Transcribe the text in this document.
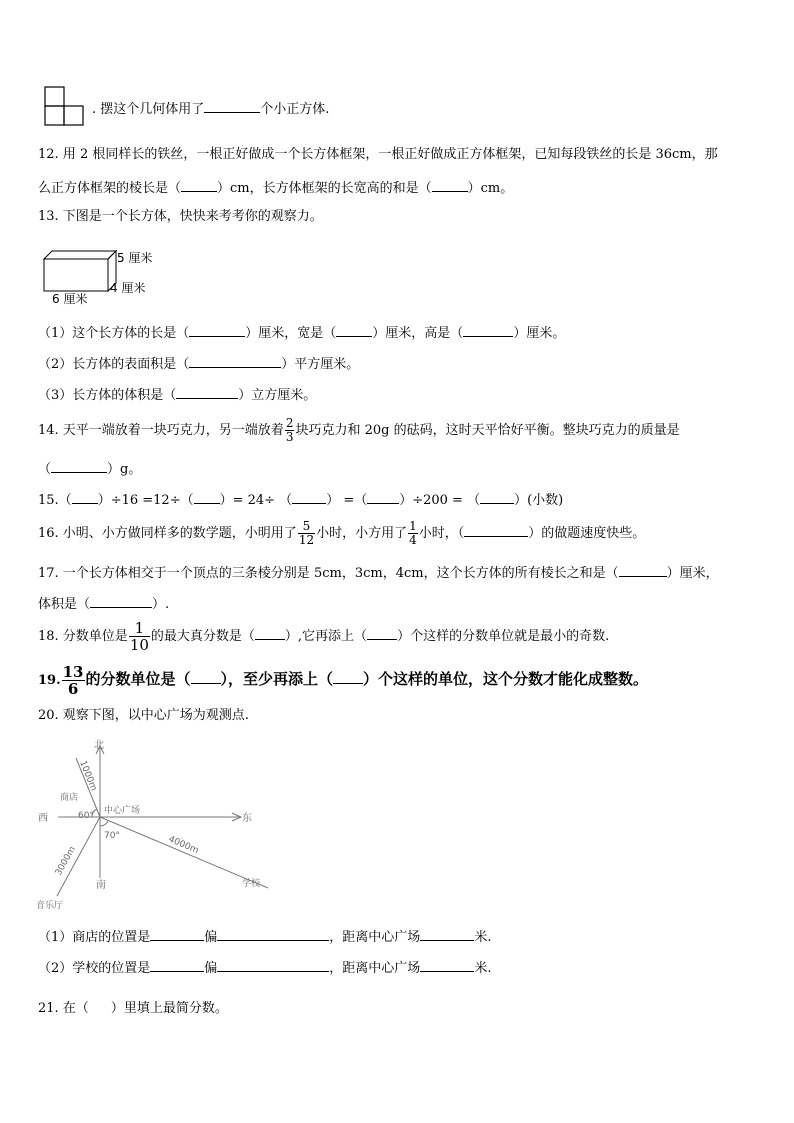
. 摆这个几何体用了	个小正方体.
12. 用 2 根同样长的铁丝，一根正好做成一个长方体框架，一根正好做成正方体框架，已知每段铁丝的长是 36cm，那
么正方体框架的棱长是（	）cm，长方体框架的长宽高的和是（	）cm。
13. 下图是一个长方体，快快来考考你的观察力。
5 厘米
4 厘米
6 厘米
（1）这个长方体的长是（	）厘米，宽是（	）厘米，高是（	）厘米。
（2）长方体的表面积是（	）平方厘米。
（3）长方体的体积是（	）立方厘米。
14. 天平一端放着一块巧克力，另一端放着 $\frac{2}{3}$ 块巧克力和 20g 的砝码，这时天平恰好平衡。整块巧克力的质量是
（	）g。
15.（ ）÷16 =12÷（ ）= 24÷ （	） =（ ）÷200 = （	）(小数)
16. 小明、小方做同样多的数学题，小明用了 $\frac{5}{12}$ 小时，小方用了 $\frac{1}{4}$ 小时，（	）的做题速度快些。
17. 一个长方体相交于一个顶点的三条棱分别是 5cm，3cm，4cm，这个长方体的所有棱长之和是（	）厘米，
体积是（	）.
18. 分数单位是 $\frac{1}{10}$ 的最大真分数是（ ）,它再添上（ ）个这样的分数单位就是最小的奇数.
19. $\frac{13}{6}$ 的分数单位是（ ），至少再添上（ ）个这样的单位，这个分数才能化成整数。
20. 观察下图，以中心广场为观测点.
北
西	东
南
中心广场
商店
60°
70°
音乐厅
学校
1000m
3000m	4000m
（1）商店的位置是	偏	，距离中心广场	米.
（2）学校的位置是	偏	，距离中心广场	米.
21. 在（ ）里填上最简分数。
